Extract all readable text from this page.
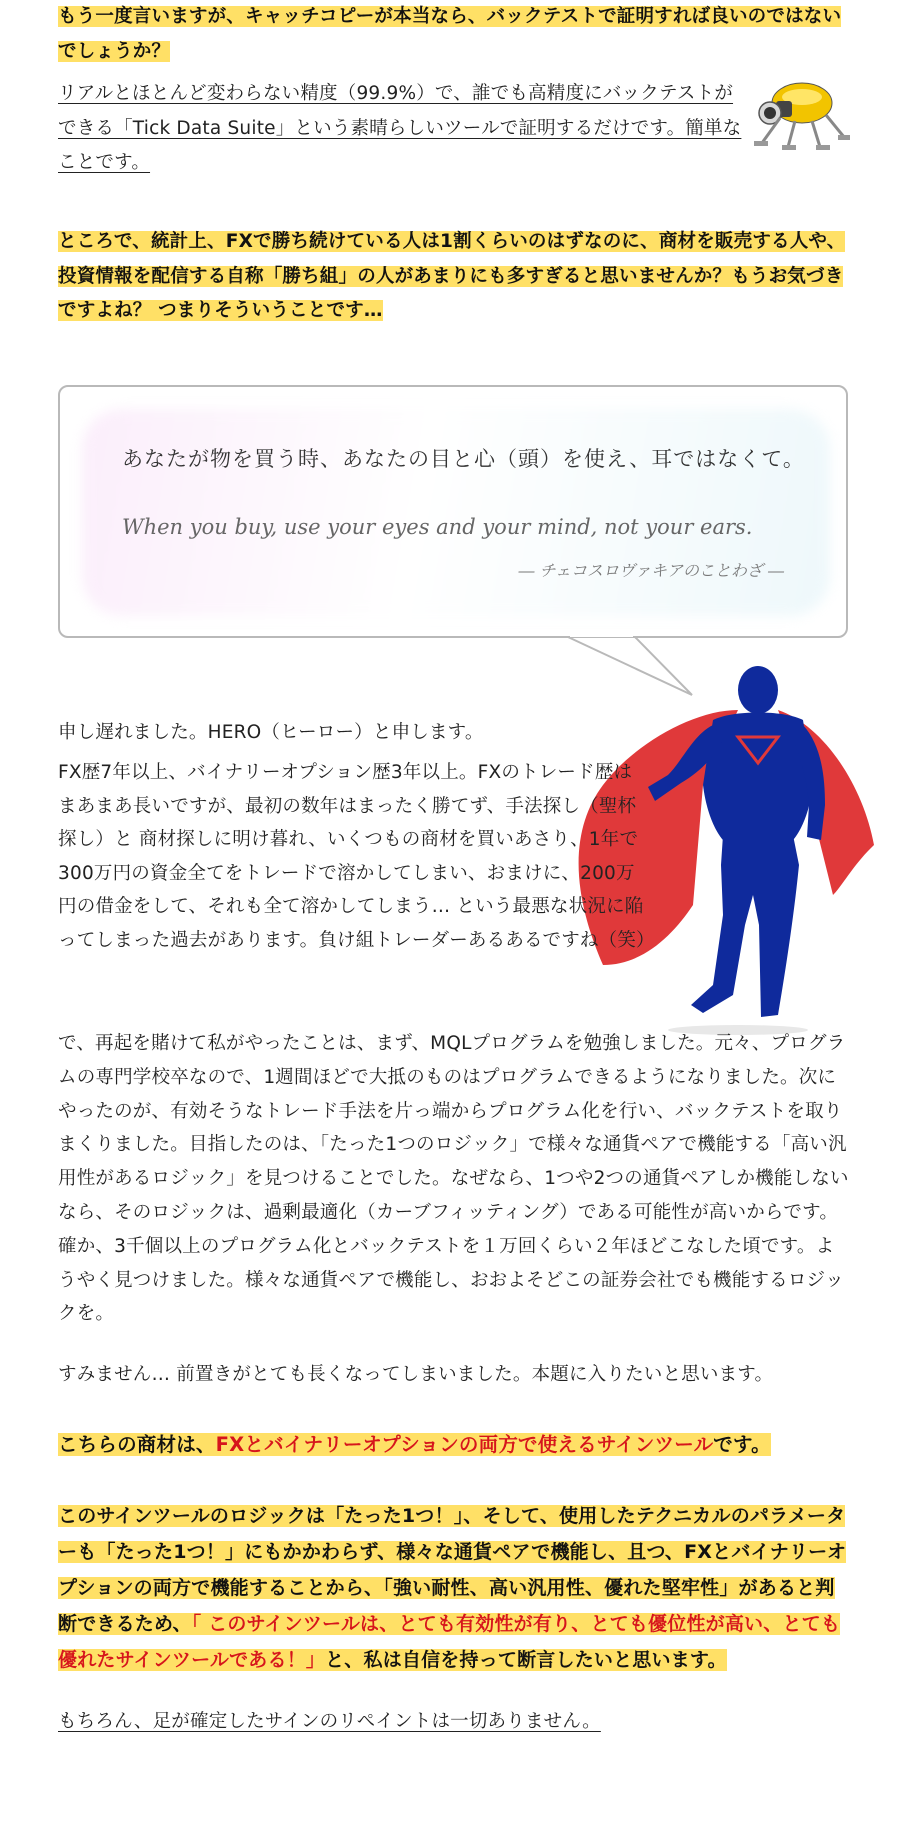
もう一度言いますが、キャッチコピーが本当なら、バックテストで証明すれば良いのではないでしょうか？

リアルとほとんど変わらない精度（99.9%）で、誰でも高精度にバックテストができる「Tick Data Suite」という素晴らしいツールで証明するだけです。簡単なことです。

ところで、統計上、FXで勝ち続けている人は1割くらいのはずなのに、商材を販売する人や、投資情報を配信する自称「勝ち組」の人があまりにも多すぎると思いませんか？もうお気づきですよね？ つまりそういうことです…

あなたが物を買う時、あなたの目と心（頭）を使え、耳ではなくて。
When you buy, use your eyes and your mind, not your ears.
― チェコスロヴァキアのことわざ ―

申し遅れました。HERO（ヒーロー）と申します。

FX歴7年以上、バイナリーオプション歴3年以上。FXのトレード歴はまあまあ長いですが、最初の数年はまったく勝てず、手法探し（聖杯探し）と 商材探しに明け暮れ、いくつもの商材を買いあさり、1年で300万円の資金全てをトレードで溶かしてしまい、おまけに、200万円の借金をして、それも全て溶かしてしまう… という最悪な状況に陥ってしまった過去があります。負け組トレーダーあるあるですね（笑）

で、再起を賭けて私がやったことは、まず、MQLプログラムを勉強しました。元々、プログラムの専門学校卒なので、1週間ほどで大抵のものはプログラムできるようになりました。次にやったのが、有効そうなトレード手法を片っ端からプログラム化を行い、バックテストを取りまくりました。目指したのは、「たった1つのロジック」で様々な通貨ペアで機能する「高い汎用性があるロジック」を見つけることでした。なぜなら、1つや2つの通貨ペアしか機能しないなら、そのロジックは、過剰最適化（カーブフィッティング）である可能性が高いからです。確か、3千個以上のプログラム化とバックテストを１万回くらい２年ほどこなした頃です。ようやく見つけました。様々な通貨ペアで機能し、おおよそどこの証券会社でも機能するロジックを。

すみません… 前置きがとても長くなってしまいました。本題に入りたいと思います。

こちらの商材は、FXとバイナリーオプションの両方で使えるサインツールです。

このサインツールのロジックは「たった1つ！」、そして、使用したテクニカルのパラメーターも「たった1つ！」にもかかわらず、様々な通貨ペアで機能し、且つ、FXとバイナリーオプションの両方で機能することから、「強い耐性、高い汎用性、優れた堅牢性」があると判断できるため、「 このサインツールは、とても有効性が有り、とても優位性が高い、とても優れたサインツールである！」と、私は自信を持って断言したいと思います。

もちろん、足が確定したサインのリペイントは一切ありません。
